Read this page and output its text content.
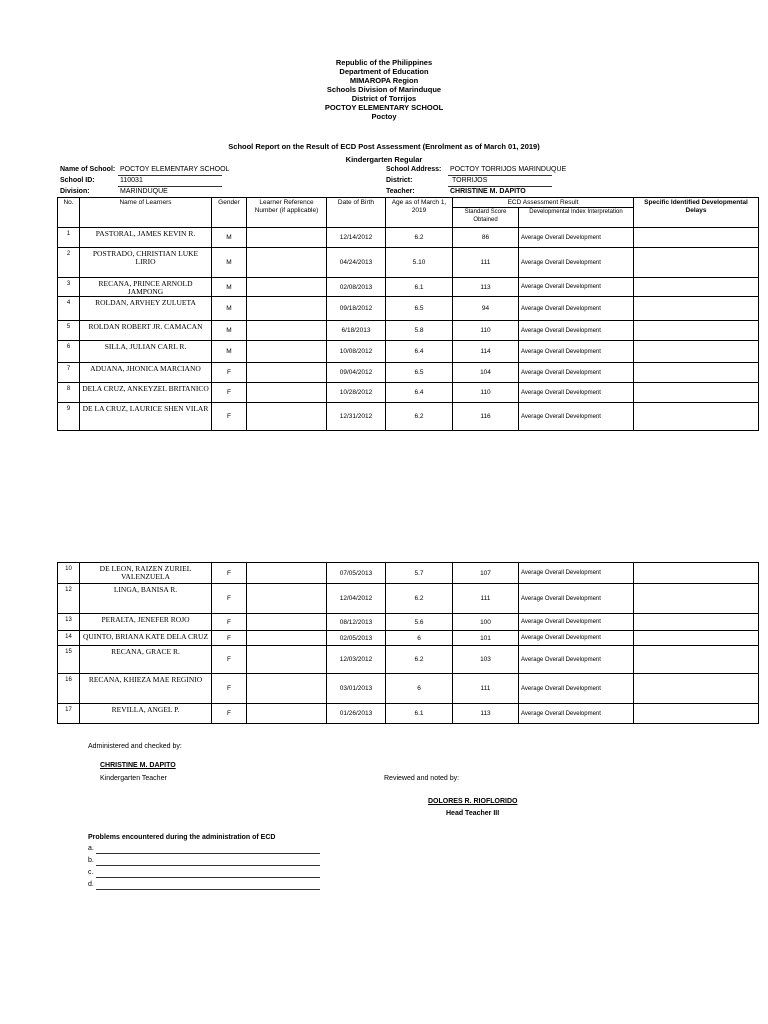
Republic of the Philippines
Department of Education
MIMAROPA Region
Schools Division of Marinduque
District of Torrijos
POCTOY ELEMENTARY SCHOOL
Poctoy
School Report on the Result of ECD Post Assessment (Enrolment as of March 01, 2019)
Kindergarten Regular
Name of School: POCTOY ELEMENTARY SCHOOL
School ID:	110031
Division:	MARINDUQUE
School Address: POCTOY TORRIJOS MARINDUQUE
District:	TORRIJOS
Teacher:	CHRISTINE M. DAPITO
No.	Name of Learners	Gender	Learner Reference Number (if applicable)	Date of Birth	Age as of March 1, 2019	ECD Assessment Result		Specific Identified Developmental Delays
						Standard Score Obtained	Developmental Index Interpretation	
1	PASTORAL, JAMES KEVIN R.	M		12/14/2012	6.2	86	Average Overall Development	
2	POSTRADO, CHRISTIAN LUKE LIRIO	M		04/24/2013	5.10	111	Average Overall Development	
3	RECANA, PRINCE ARNOLD JAMPONG	M		02/08/2013	6.1	113	Average Overall Development	
4	ROLDAN, ARVHEY ZULUETA	M		09/18/2012	6.5	94	Average Overall Development	
5	ROLDAN ROBERT JR. CAMACAN	M		6/18/2013	5.8	110	Average Overall Development	
6	SILLA, JULIAN CARL R.	M		10/08/2012	6.4	114	Average Overall Development	
7	ADUANA, JHONICA MARCIANO	F		09/04/2012	6.5	104	Average Overall Development	
8	DELA CRUZ, ANKEYZEL BRITANICO	F		10/28/2012	6.4	110	Average Overall Development	
9	DE LA CRUZ, LAURICE SHEN VILAR	F		12/31/2012	6.2	116	Average Overall Development	
10	DE LEON, RAIZEN ZURIEL VALENZUELA	F		07/05/2013	5.7	107	Average Overall Development	
12	LINGA, BANISA R.	F		12/04/2012	6.2	111	Average Overall Development	
13	PERALTA, JENEFER ROJO	F		08/12/2013	5.6	100	Average Overall Development	
14	QUINTO, BRIANA KATE DELA CRUZ	F		02/05/2013	6	101	Average Overall Development	
15	RECANA, GRACE R.	F		12/03/2012	6.2	103	Average Overall Development	
16	RECANA, KHIEZA MAE REGINIO	F		03/01/2013	6	111	Average Overall Development	
17	REVILLA, ANGEL P.	F		01/26/2013	6.1	113	Average Overall Development	
Administered and checked by:
CHRISTINE M. DAPITO
Kindergarten Teacher	Reviewed and noted by:
DOLORES R. RIOFLORIDO
Head Teacher III
Problems encountered during the administration of ECD
a.
b.
c.
d.
